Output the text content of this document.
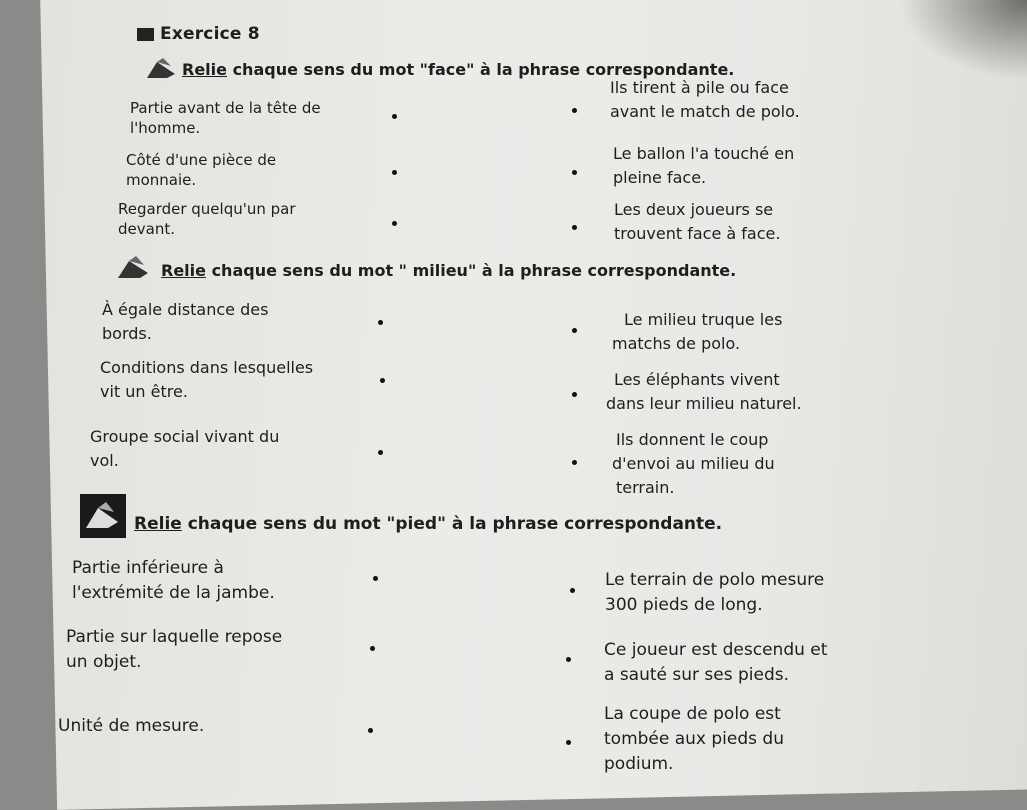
Exercice 8
Relie chaque sens du mot "face" à la phrase correspondante.
Partie avant de la tête de
l'homme.
Côté d'une pièce de
monnaie.
Regarder quelqu'un par
devant.
Ils tirent à pile ou face
avant le match de polo.
Le ballon l'a touché en
pleine face.
Les deux joueurs se
trouvent face à face.
Relie chaque sens du mot " milieu" à la phrase correspondante.
À égale distance des
bords.
Conditions dans lesquelles
vit un être.
Groupe social vivant du
vol.
Le milieu truque les
matchs de polo.
Les éléphants vivent
dans leur milieu naturel.
Ils donnent le coup
d'envoi au milieu du
terrain.
Relie chaque sens du mot "pied" à la phrase correspondante.
Partie inférieure à
l'extrémité de la jambe.
Partie sur laquelle repose
un objet.
Unité de mesure.
Le terrain de polo mesure
300 pieds de long.
Ce joueur est descendu et
a sauté sur ses pieds.
La coupe de polo est
tombée aux pieds du
podium.
